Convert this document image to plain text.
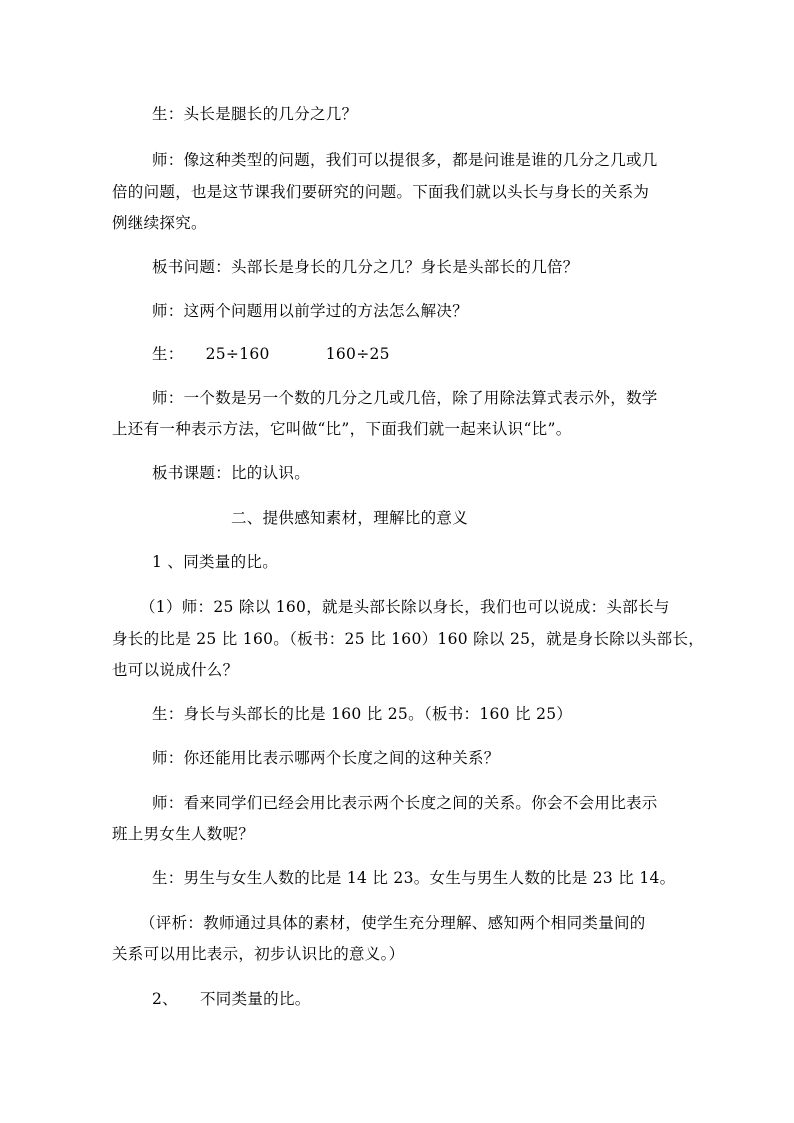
生：头长是腿长的几分之几？
师：像这种类型的问题，我们可以提很多，都是问谁是谁的几分之几或几
倍的问题，也是这节课我们要研究的问题。下面我们就以头长与身长的关系为
例继续探究。
板书问题：头部长是身长的几分之几？身长是头部长的几倍？
师：这两个问题用以前学过的方法怎么解决？
生： 25÷160	160÷25
师：一个数是另一个数的几分之几或几倍，除了用除法算式表示外，数学
上还有一种表示方法，它叫做“比”，下面我们就一起来认识“比”。
板书课题：比的认识。
二、提供感知素材，理解比的意义
1 、同类量的比。
（1）师：25 除以 160，就是头部长除以身长，我们也可以说成：头部长与
身长的比是 25 比 160。（板书：25 比 160）160 除以 25，就是身长除以头部长，
也可以说成什么？
生：身长与头部长的比是 160 比 25。（板书：160 比 25）
师：你还能用比表示哪两个长度之间的这种关系？
师：看来同学们已经会用比表示两个长度之间的关系。你会不会用比表示
班上男女生人数呢？
生：男生与女生人数的比是 14 比 23。女生与男生人数的比是 23 比 14。
（评析：教师通过具体的素材，使学生充分理解、感知两个相同类量间的
关系可以用比表示，初步认识比的意义。）
2、 不同类量的比。
